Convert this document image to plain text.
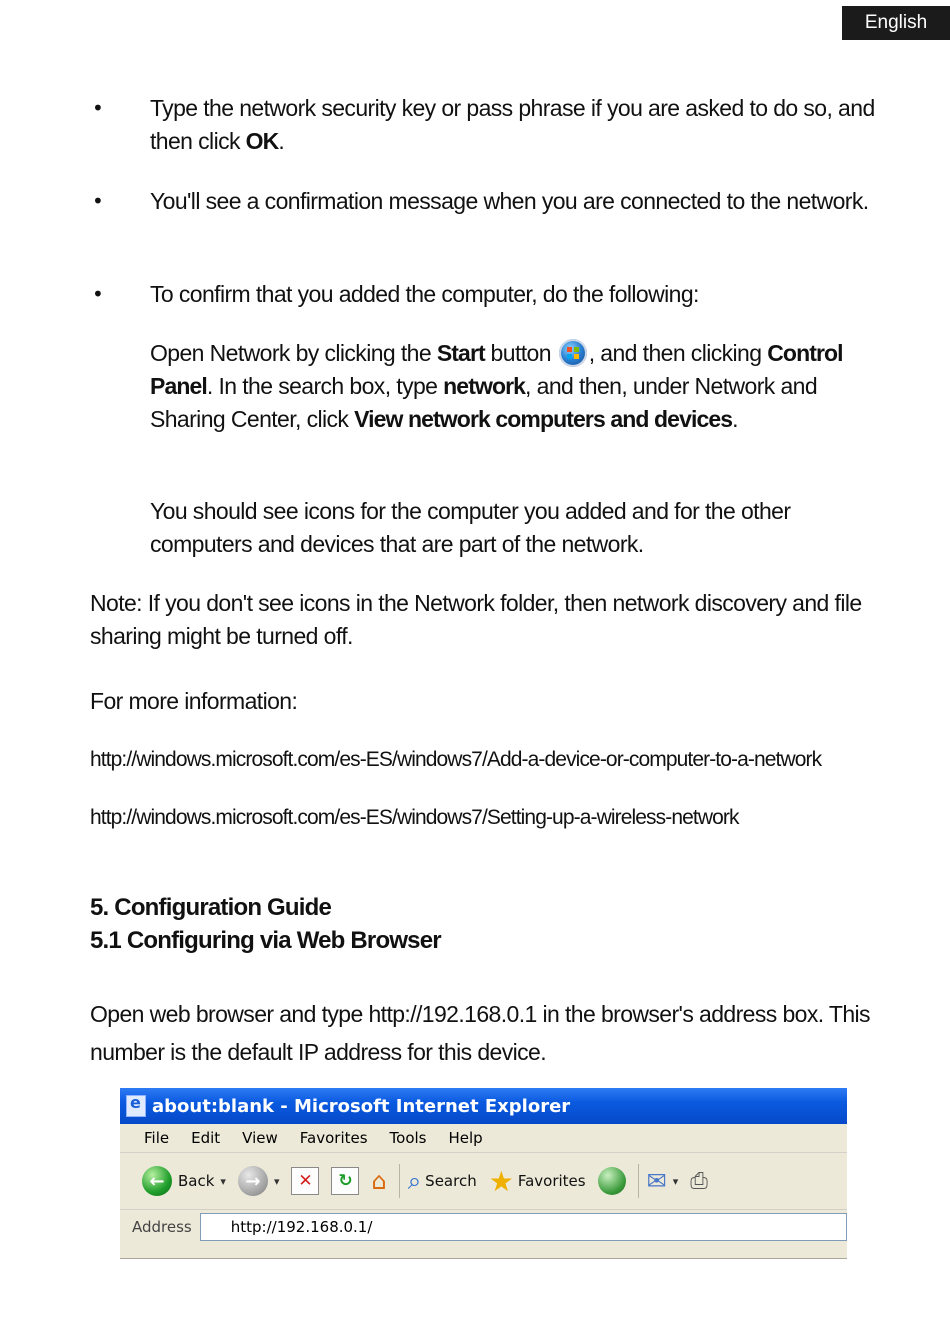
English
• Type the network security key or pass phrase if you are asked to do so, and then click OK.

• You'll see a confirmation message when you are connected to the network.

• To confirm that you added the computer, do the following:

Open Network by clicking the Start button , and then clicking Control Panel. In the search box, type network, and then, under Network and Sharing Center, click View network computers and devices.

You should see icons for the computer you added and for the other computers and devices that are part of the network.

Note: If you don't see icons in the Network folder, then network discovery and file sharing might be turned off.

For more information:

http://windows.microsoft.com/es-ES/windows7/Add-a-device-or-computer-to-a-network
http://windows.microsoft.com/es-ES/windows7/Setting-up-a-wireless-network
5. Configuration Guide
5.1 Configuring via Web Browser

Open web browser and type http://192.168.0.1 in the browser's address box. This number is the default IP address for this device.

e
about:blank - Microsoft Internet Explorer
File Edit View Favorites Tools Help
← Back ▾	→	▾	✕	↻ ⌂ ⌕ Search ★ Favorites	✉ ▾ ⎙
Address	http://192.168.0.1/
